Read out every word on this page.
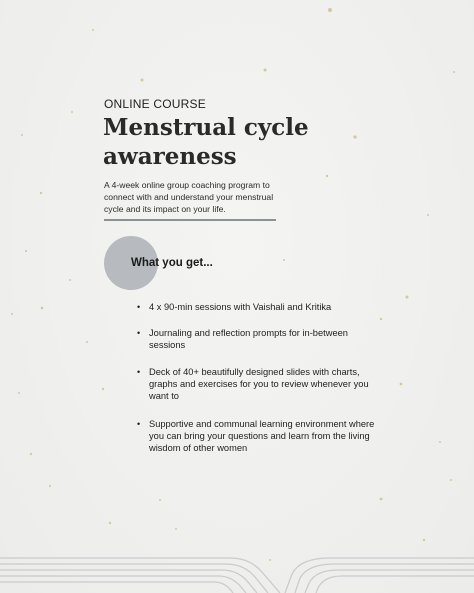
ONLINE COURSE
Menstrual cycle awareness
A 4-week online group coaching program to connect with and understand your menstrual cycle and its impact on your life.
What you get...
• 4 x 90-min sessions with Vaishali and Kritika
• Journaling and reflection prompts for in-between sessions
• Deck of 40+ beautifully designed slides with charts, graphs and exercises for you to review whenever you want to
• Supportive and communal learning environment where you can bring your questions and learn from the living wisdom of other women
